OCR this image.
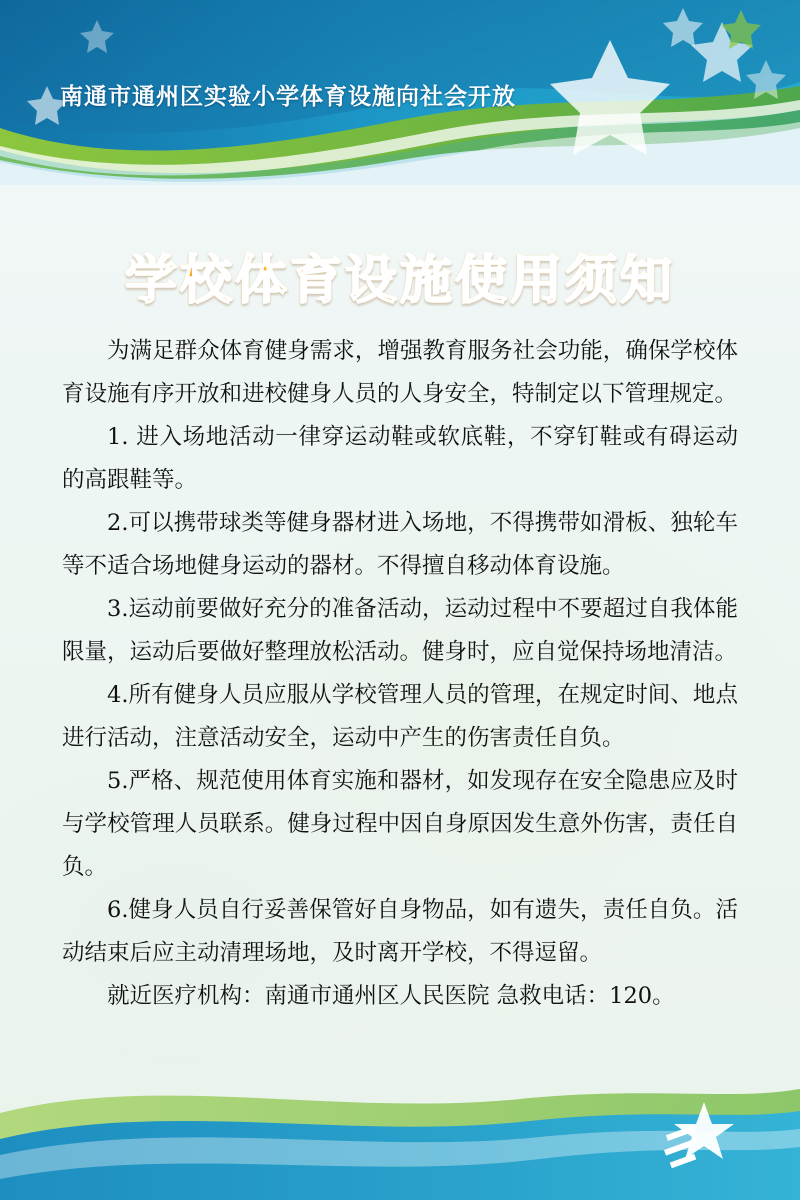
南通市通州区实验小学体育设施向社会开放
学校体育设施使用须知

为满足群众体育健身需求，增强教育服务社会功能，确保学校体育设施有序开放和进校健身人员的人身安全，特制定以下管理规定。

1. 进入场地活动一律穿运动鞋或软底鞋，不穿钉鞋或有碍运动的高跟鞋等。

2.可以携带球类等健身器材进入场地，不得携带如滑板、独轮车等不适合场地健身运动的器材。不得擅自移动体育设施。

3.运动前要做好充分的准备活动，运动过程中不要超过自我体能限量，运动后要做好整理放松活动。健身时，应自觉保持场地清洁。

4.所有健身人员应服从学校管理人员的管理，在规定时间、地点进行活动，注意活动安全，运动中产生的伤害责任自负。

5.严格、规范使用体育实施和器材，如发现存在安全隐患应及时与学校管理人员联系。健身过程中因自身原因发生意外伤害，责任自负。

6.健身人员自行妥善保管好自身物品，如有遗失，责任自负。活动结束后应主动清理场地，及时离开学校，不得逗留。

就近医疗机构：南通市通州区人民医院 急救电话：120。
